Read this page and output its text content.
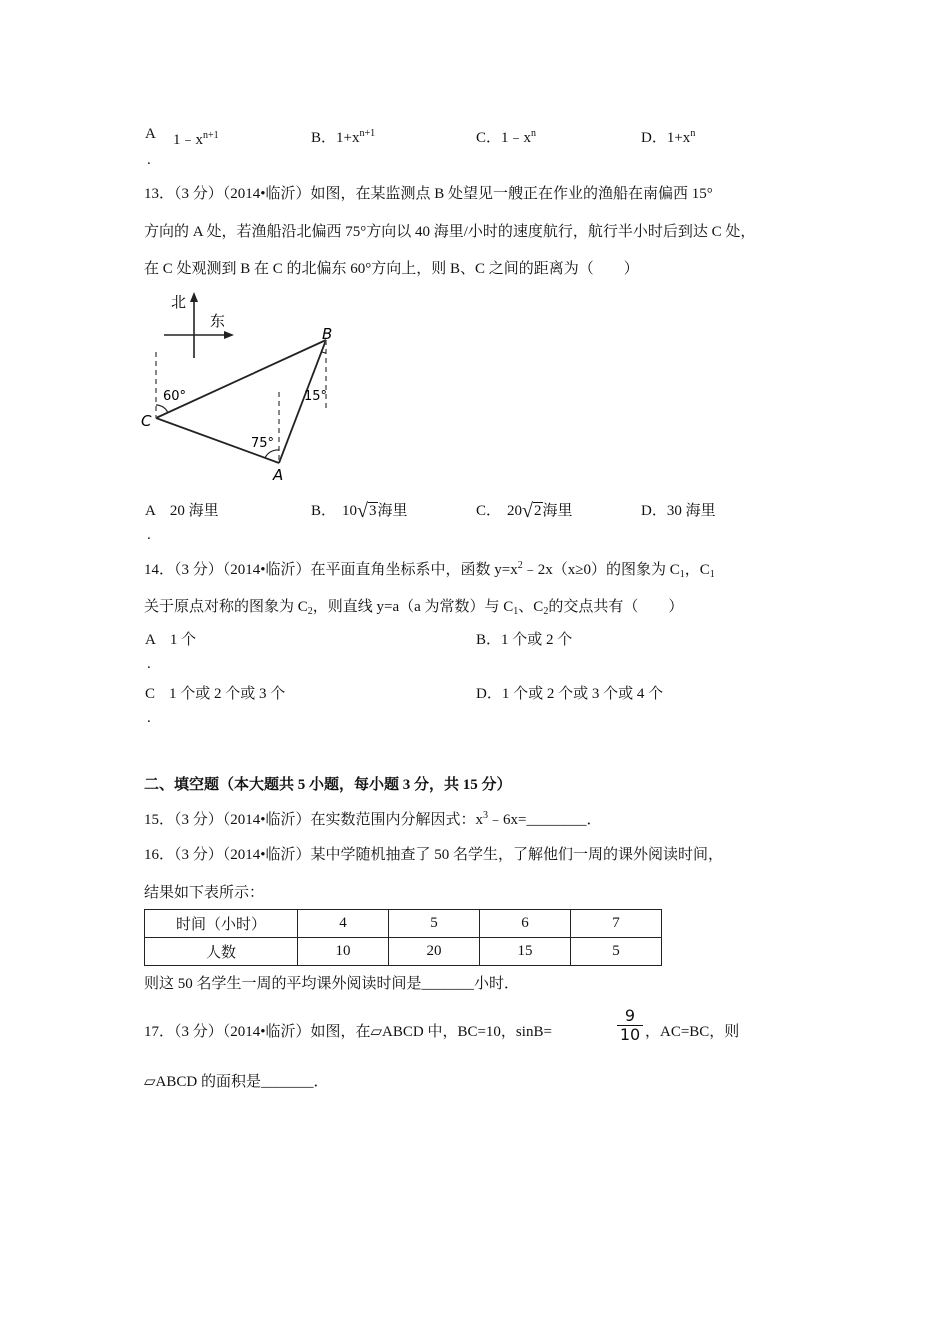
A $1﹣x^{n+1}$
.
B．$1+x^{n+1}$	C．$1﹣x^n$	D．$1+x^n$
13．（3 分）（2014•临沂）如图，在某监测点 B 处望见一艘正在作业的渔船在南偏西 15°
方向的 A 处，若渔船沿北偏西 75°方向以 40 海里/小时的速度航行，航行半小时后到达 C 处，
在 C 处观测到 B 在 C 的北偏东 60°方向上，则 B、C 之间的距离为（　　）
北
东
B
C
A
60°
75°
15°
A 20 海里
.
B． 10√3海里	C． 20√2海里	D．30 海里
14．（3 分）（2014•临沂）在平面直角坐标系中，函数 $y=x^2﹣2x(x\ge 0)$的图象为 $C_1$，$C_1$
关于原点对称的图象为 $C_2$，则直线 y=a（a 为常数）与 $C_1$、$C_2$的交点共有（　　）
A 1 个
.
B．1 个或 2 个
C 1 个或 2 个或 3 个
.
D．1 个或 2 个或 3 个或 4 个
二、填空题（本大题共 5 小题，每小题 3 分，共 15 分）
15．（3 分）（2014•临沂）在实数范围内分解因式：$x^3﹣6x=\_\_\_\_\_\_\_\_$．
16．（3 分）（2014•临沂）某中学随机抽查了 50 名学生，了解他们一周的课外阅读时间，
结果如下表所示：
时间（小时）	4	5	6	7
人数	10	20	15	5
则这 50 名学生一周的平均课外阅读时间是_______小时．
17．（3 分）（2014•临沂）如图，在▱ABCD 中，BC=10，sinB=
9
10 ，AC=BC，则
▱ABCD 的面积是_______．
